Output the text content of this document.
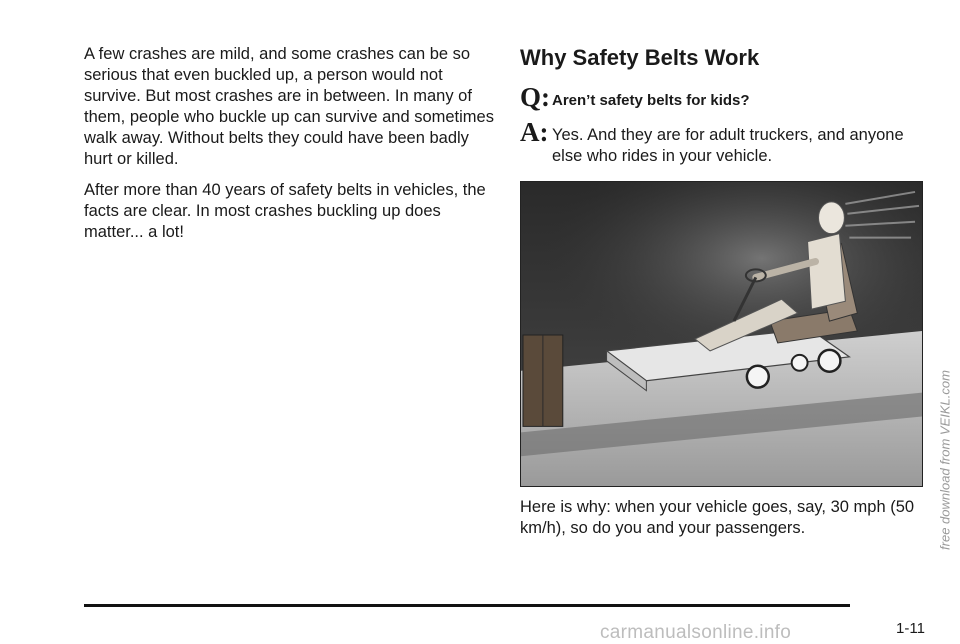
A few crashes are mild, and some crashes can be so serious that even buckled up, a person would not survive. But most crashes are in between. In many of them, people who buckle up can survive and sometimes walk away. Without belts they could have been badly hurt or killed.

After more than 40 years of safety belts in vehicles, the facts are clear. In most crashes buckling up does matter... a lot!

Why Safety Belts Work
Q: Aren’t safety belts for kids?
A: Yes. And they are for adult truckers, and anyone else who rides in your vehicle.

Here is why: when your vehicle goes, say, 30 mph (50 km/h), so do you and your passengers.

1-11
free download from VEIKL.com
carmanualsonline.info
